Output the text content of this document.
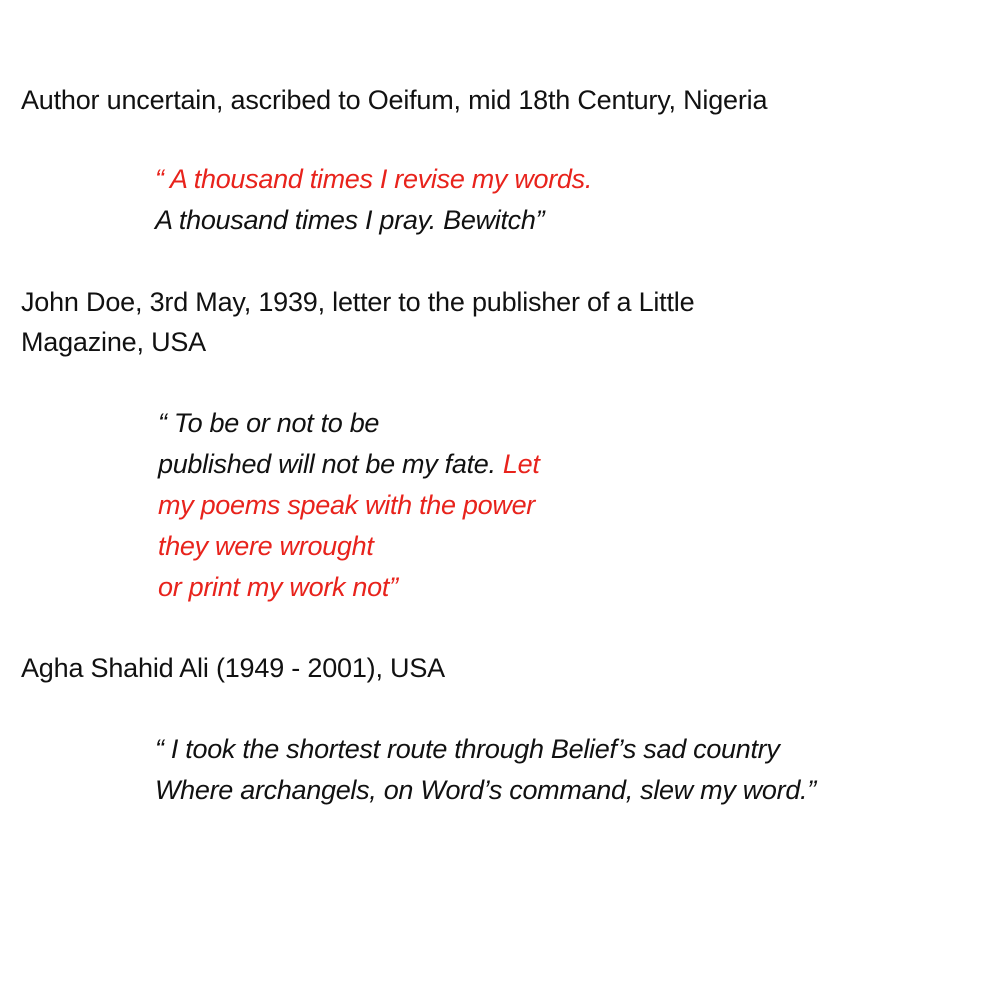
Author uncertain, ascribed to Oeifum, mid 18th Century, Nigeria

“ A thousand times I revise my words.
A thousand times I pray. Bewitch”

John Doe, 3rd May, 1939, letter to the publisher of a Little
Magazine, USA

“ To be or not to be
published will not be my fate. Let
my poems speak with the power
they were wrought
or print my work not”

Agha Shahid Ali (1949 - 2001), USA

“ I took the shortest route through Belief’s sad country
Where archangels, on Word’s command, slew my word.”
